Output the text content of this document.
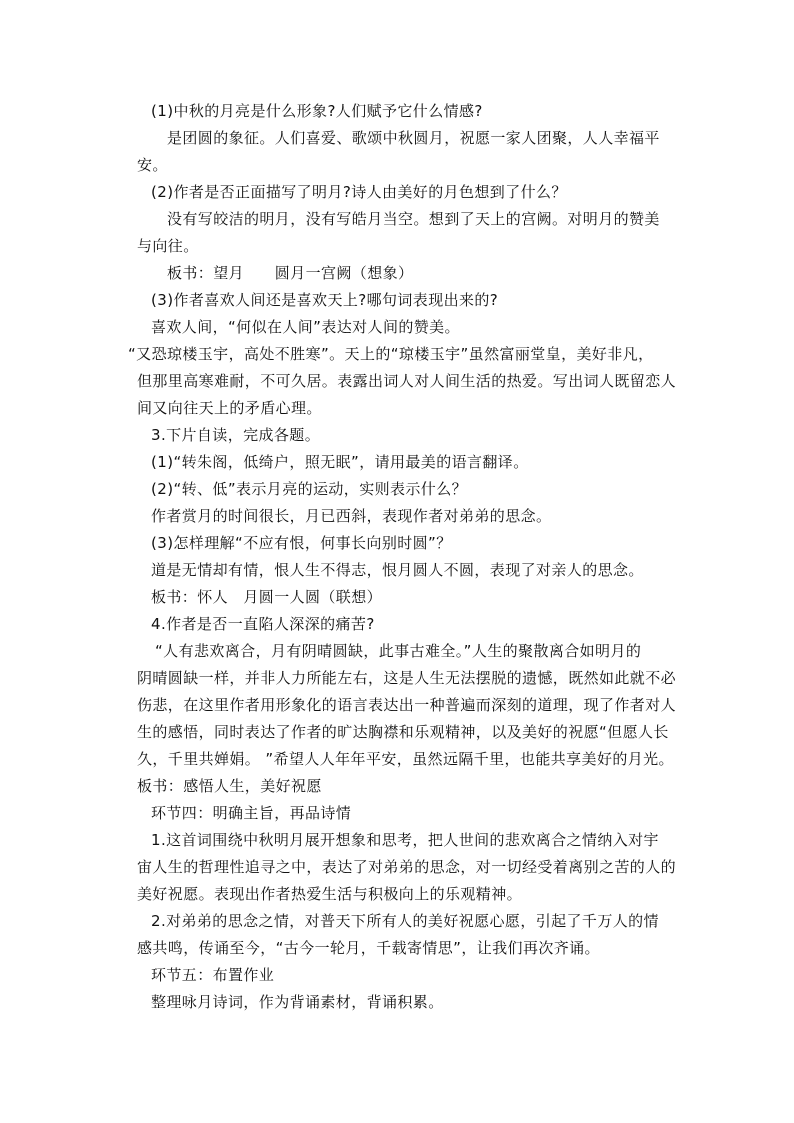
(1)中秋的月亮是什么形象?人们赋予它什么情感?
是团圆的象征。人们喜爱、歌颂中秋圆月，祝愿一家人团聚，人人幸福平
安。
(2)作者是否正面描写了明月?诗人由美好的月色想到了什么？
没有写皎洁的明月，没有写皓月当空。想到了天上的宫阙。对明月的赞美
与向往。
板书：望月　　圆月一宫阙（想象）
(3)作者喜欢人间还是喜欢天上?哪句词表现出来的?
喜欢人间，“何似在人间”表达对人间的赞美。
“又恐琼楼玉宇，高处不胜寒”。天上的“琼楼玉宇”虽然富丽堂皇，美好非凡，
但那里高寒难耐，不可久居。表露出词人对人间生活的热爱。写出词人既留恋人
间又向往天上的矛盾心理。
3.下片自读，完成各题。
(1)“转朱阁，低绮户，照无眠”，请用最美的语言翻译。
(2)“转、低”表示月亮的运动，实则表示什么？
作者赏月的时间很长，月已西斜，表现作者对弟弟的思念。
(3)怎样理解“不应有恨，何事长向别时圆”？
道是无情却有情，恨人生不得志，恨月圆人不圆，表现了对亲人的思念。
板书：怀人　月圆一人圆（联想）
4.作者是否一直陷人深深的痛苦?
“人有悲欢离合，月有阴晴圆缺，此事古难全。”人生的聚散离合如明月的
阴晴圆缺一样，并非人力所能左右，这是人生无法摆脱的遗憾，既然如此就不必
伤悲，在这里作者用形象化的语言表达出一种普遍而深刻的道理，现了作者对人
生的感悟，同时表达了作者的旷达胸襟和乐观精神，以及美好的祝愿“但愿人长
久，千里共婵娟。 ”希望人人年年平安，虽然远隔千里，也能共享美好的月光。
板书：感悟人生，美好祝愿
环节四：明确主旨，再品诗情
1.这首词围绕中秋明月展开想象和思考，把人世间的悲欢离合之情纳入对宇
宙人生的哲理性追寻之中，表达了对弟弟的思念，对一切经受着离别之苦的人的
美好祝愿。表现出作者热爱生活与积极向上的乐观精神。
2.对弟弟的思念之情，对普天下所有人的美好祝愿心愿，引起了千万人的情
感共鸣，传诵至今，“古今一轮月，千载寄情思”，让我们再次齐诵。
环节五：布置作业
整理咏月诗词，作为背诵素材，背诵积累。
